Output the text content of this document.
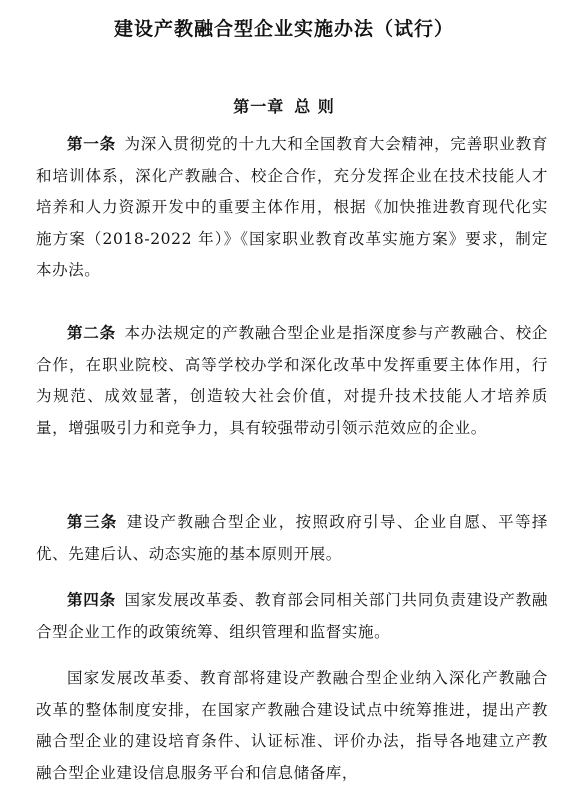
建设产教融合型企业实施办法（试行）
第一章 总 则

第一条  为深入贯彻党的十九大和全国教育大会精神，完善职业教育和培训体系，深化产教融合、校企合作，充分发挥企业在技术技能人才培养和人力资源开发中的重要主体作用，根据《加快推进教育现代化实施方案（2018-2022 年）》《国家职业教育改革实施方案》要求，制定本办法。

第二条  本办法规定的产教融合型企业是指深度参与产教融合、校企合作，在职业院校、高等学校办学和深化改革中发挥重要主体作用，行为规范、成效显著，创造较大社会价值，对提升技术技能人才培养质量，增强吸引力和竞争力，具有较强带动引领示范效应的企业。

第三条  建设产教融合型企业，按照政府引导、企业自愿、平等择优、先建后认、动态实施的基本原则开展。

第四条  国家发展改革委、教育部会同相关部门共同负责建设产教融合型企业工作的政策统筹、组织管理和监督实施。

国家发展改革委、教育部将建设产教融合型企业纳入深化产教融合改革的整体制度安排，在国家产教融合建设试点中统筹推进，提出产教融合型企业的建设培育条件、认证标准、评价办法，指导各地建立产教融合型企业建设信息服务平台和信息储备库，
